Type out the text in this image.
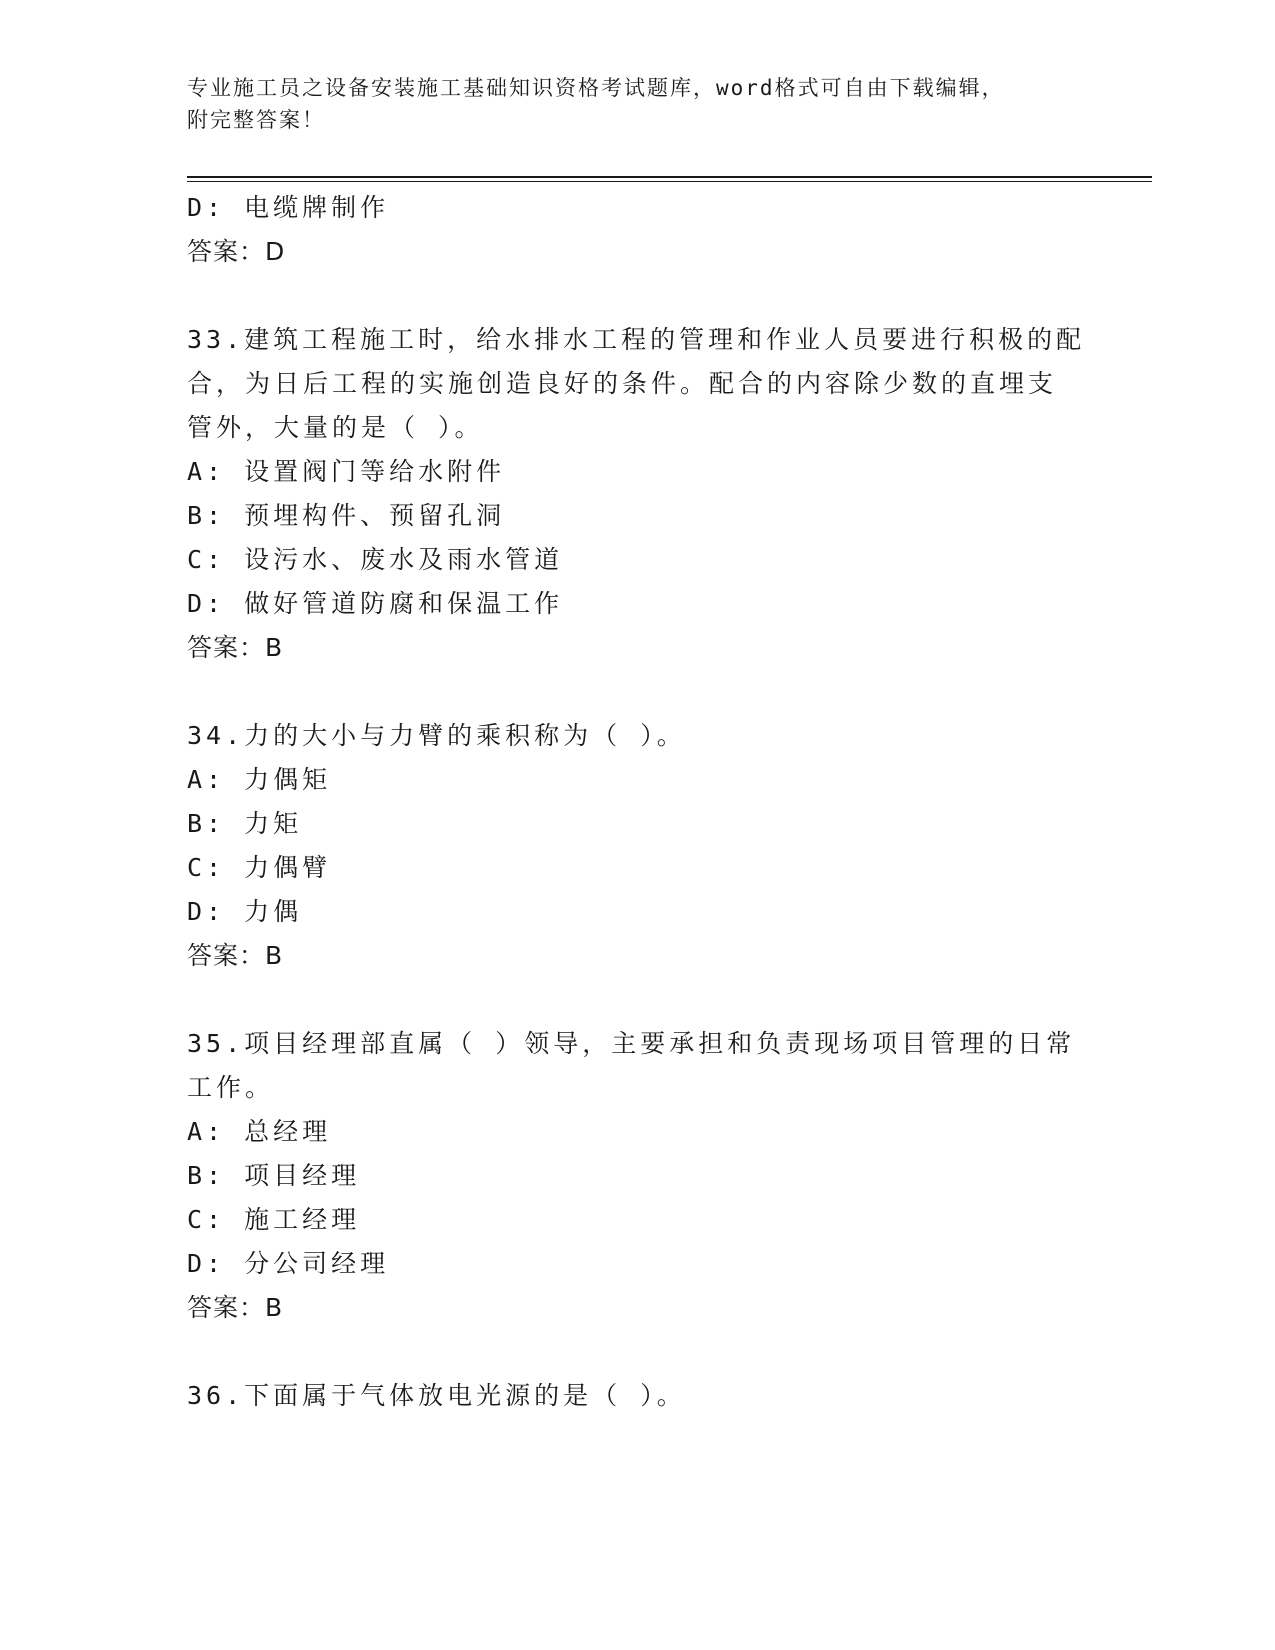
专业施工员之设备安装施工基础知识资格考试题库，word格式可自由下载编辑，
附完整答案！
D: 电缆牌制作
答案：D
33.建筑工程施工时，给水排水工程的管理和作业人员要进行积极的配
合，为日后工程的实施创造良好的条件。配合的内容除少数的直埋支
管外，大量的是（ ）。
A: 设置阀门等给水附件
B: 预埋构件、预留孔洞
C: 设污水、废水及雨水管道
D: 做好管道防腐和保温工作
答案：B
34.力的大小与力臂的乘积称为（ ）。
A: 力偶矩
B: 力矩
C: 力偶臂
D: 力偶
答案：B
35.项目经理部直属（ ）领导，主要承担和负责现场项目管理的日常
工作。
A: 总经理
B: 项目经理
C: 施工经理
D: 分公司经理
答案：B
36.下面属于气体放电光源的是（ ）。
